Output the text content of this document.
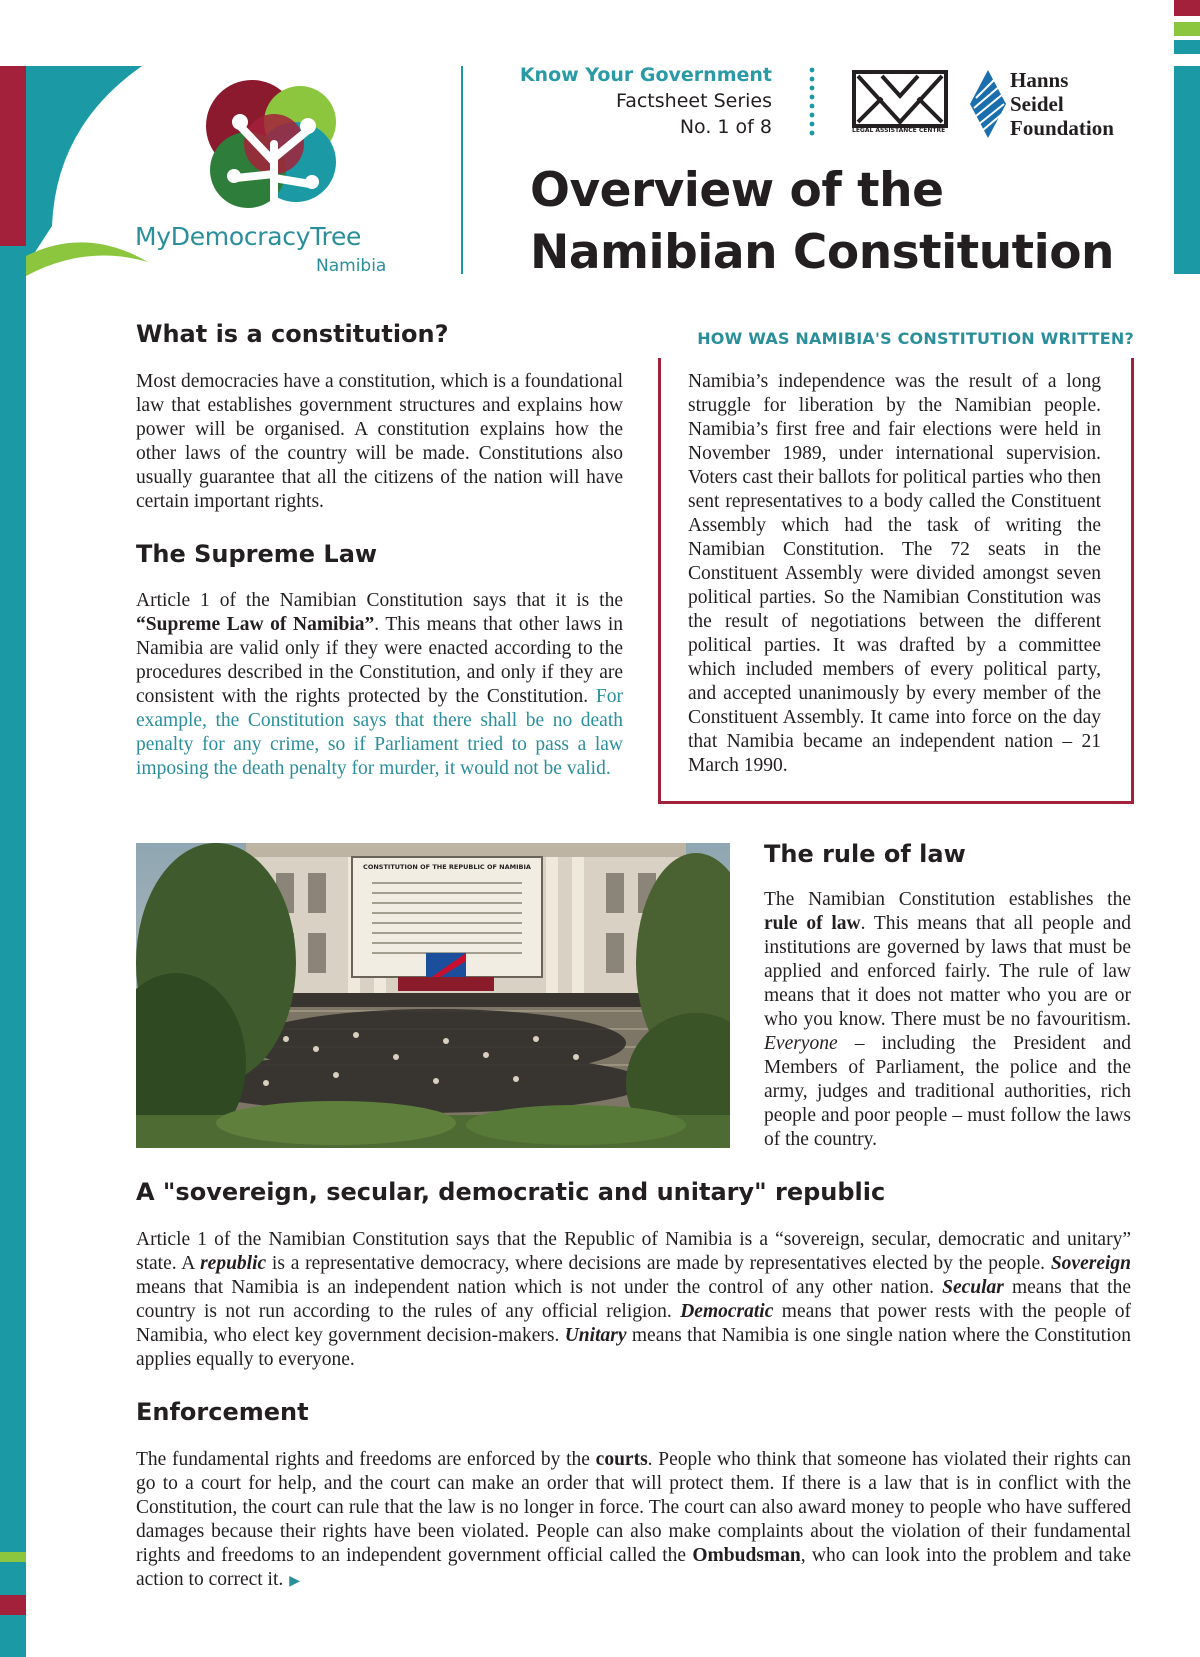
MyDemocracyTree
Namibia
Know Your Government
Factsheet Series
No. 1 of 8	LEGAL ASSISTANCE CENTRE
Hanns
Seidel
Foundation
Overview of the
Namibian Constitution
What is a constitution?

Most democracies have a constitution, which is a foundational law that establishes government structures and explains how power will be organised. A constitution explains how the other laws of the country will be made. Constitutions also usually guarantee that all the citizens of the nation will have certain important rights.

The Supreme Law

Article 1 of the Namibian Constitution says that it is the “Supreme Law of Namibia”. This means that other laws in Namibia are valid only if they were enacted according to the procedures described in the Constitution, and only if they are consistent with the rights protected by the Constitution. For example, the Constitution says that there shall be no death penalty for any crime, so if Parliament tried to pass a law imposing the death penalty for murder, it would not be valid.

HOW WAS NAMIBIA'S CONSTITUTION WRITTEN?

Namibia’s independence was the result of a long struggle for liberation by the Namibian people. Namibia’s first free and fair elections were held in November 1989, under international supervision. Voters cast their ballots for political parties who then sent representatives to a body called the Constituent Assembly which had the task of writing the Namibian Constitution. The 72 seats in the Constituent Assembly were divided amongst seven political parties. So the Namibian Constitution was the result of negotiations between the different political parties. It was drafted by a committee which included members of every political party, and accepted unanimously by every member of the Constituent Assembly. It came into force on the day that Namibia became an independent nation – 21 March 1990.

CONSTITUTION OF THE REPUBLIC OF NAMIBIA	The rule of law

The Namibian Constitution establishes the rule of law. This means that all people and institutions are governed by laws that must be applied and enforced fairly. The rule of law means that it does not matter who you are or who you know. There must be no favouritism. Everyone – including the President and Members of Parliament, the police and the army, judges and traditional authorities, rich people and poor people – must follow the laws of the country.

A "sovereign, secular, democratic and unitary" republic

Article 1 of the Namibian Constitution says that the Republic of Namibia is a “sovereign, secular, democratic and unitary” state. A republic is a representative democracy, where decisions are made by representatives elected by the people. Sovereign means that Namibia is an independent nation which is not under the control of any other nation. Secular means that the country is not run according to the rules of any official religion. Democratic means that power rests with the people of Namibia, who elect key government decision-makers. Unitary means that Namibia is one single nation where the Constitution applies equally to everyone.

Enforcement

The fundamental rights and freedoms are enforced by the courts. People who think that someone has violated their rights can go to a court for help, and the court can make an order that will protect them. If there is a law that is in conflict with the Constitution, the court can rule that the law is no longer in force. The court can also award money to people who have suffered damages because their rights have been violated. People can also make complaints about the violation of their fundamental rights and freedoms to an independent government official called the Ombudsman, who can look into the problem and take action to correct it. ▶
